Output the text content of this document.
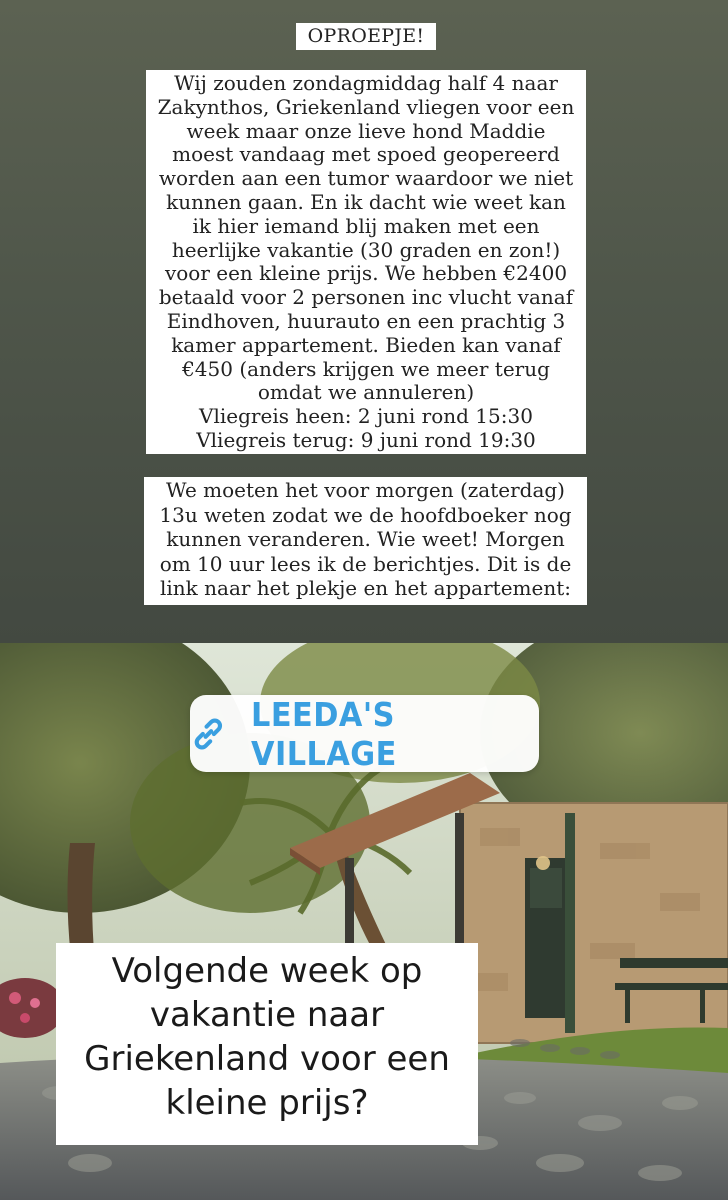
OPROEPJE!
Wij zouden zondagmiddag half 4 naar Zakynthos, Griekenland vliegen voor een week maar onze lieve hond Maddie moest vandaag met spoed geopereerd worden aan een tumor waardoor we niet kunnen gaan. En ik dacht wie weet kan ik hier iemand blij maken met een heerlijke vakantie (30 graden en zon!) voor een kleine prijs. We hebben €2400 betaald voor 2 personen inc vlucht vanaf Eindhoven, huurauto en een prachtig 3 kamer appartement. Bieden kan vanaf €450 (anders krijgen we meer terug omdat we annuleren)
Vliegreis heen: 2 juni rond 15:30
Vliegreis terug: 9 juni rond 19:30
We moeten het voor morgen (zaterdag) 13u weten zodat we de hoofdboeker nog kunnen veranderen. Wie weet! Morgen om 10 uur lees ik de berichtjes. Dit is de link naar het plekje en het appartement:
LEEDA'S VILLAGE
Volgende week op vakantie naar Griekenland voor een kleine prijs?
